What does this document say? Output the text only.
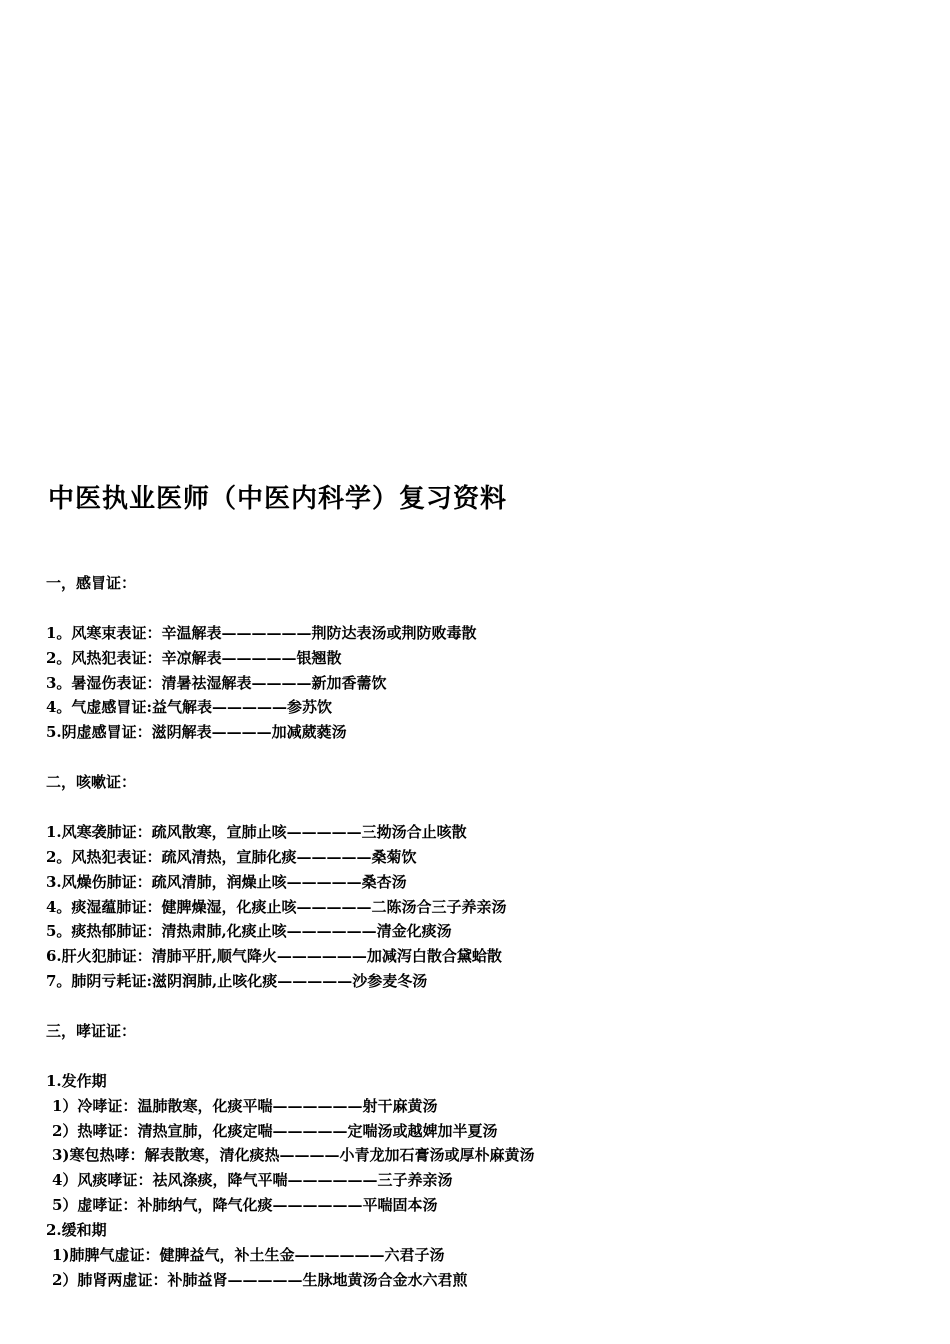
中医执业医师（中医内科学）复习资料
一，感冒证：
1。风寒束表证：辛温解表——————荆防达表汤或荆防败毒散
2。风热犯表证：辛凉解表—————银翘散
3。暑湿伤表证：清暑祛湿解表————新加香薷饮
4。气虚感冒证:益气解表—————参苏饮
5.阴虚感冒证：滋阴解表————加减葳蕤汤
二，咳嗽证：
1.风寒袭肺证：疏风散寒，宣肺止咳—————三拗汤合止咳散
2。风热犯表证：疏风清热，宣肺化痰—————桑菊饮
3.风燥伤肺证：疏风清肺，润燥止咳—————桑杏汤
4。痰湿蕴肺证：健脾燥湿，化痰止咳—————二陈汤合三子养亲汤
5。痰热郁肺证：清热肃肺,化痰止咳——————清金化痰汤
6.肝火犯肺证：清肺平肝,顺气降火——————加减泻白散合黛蛤散
7。肺阴亏耗证:滋阴润肺,止咳化痰—————沙参麦冬汤
三，哮证证：
1.发作期
1）冷哮证：温肺散寒，化痰平喘——————射干麻黄汤
2）热哮证：清热宣肺，化痰定喘—————定喘汤或越婢加半夏汤
3)寒包热哮：解表散寒，清化痰热————小青龙加石膏汤或厚朴麻黄汤
4）风痰哮证：祛风涤痰，降气平喘——————三子养亲汤
5）虚哮证：补肺纳气，降气化痰——————平喘固本汤
2.缓和期
1)肺脾气虚证：健脾益气，补土生金——————六君子汤
2）肺肾两虚证：补肺益肾—————生脉地黄汤合金水六君煎
